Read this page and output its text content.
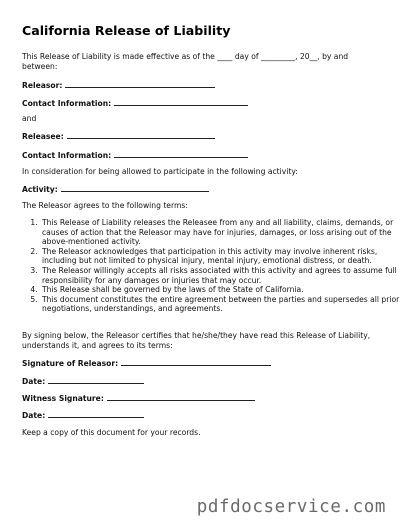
California Release of Liability
This Release of Liability is made effective as of the ____ day of _________, 20__, by and between:
Releasor:
Contact Information:
and
Releasee:
Contact Information:
In consideration for being allowed to participate in the following activity:
Activity:
The Releasor agrees to the following terms:
1. This Release of Liability releases the Releasee from any and all liability, claims, demands, or causes of action that the Releasor may have for injuries, damages, or loss arising out of the above-mentioned activity.
2. The Releasor acknowledges that participation in this activity may involve inherent risks, including but not limited to physical injury, mental injury, emotional distress, or death.
3. The Releasor willingly accepts all risks associated with this activity and agrees to assume full responsibility for any damages or injuries that may occur.
4. This Release shall be governed by the laws of the State of California.
5. This document constitutes the entire agreement between the parties and supersedes all prior negotiations, understandings, and agreements.
By signing below, the Releasor certifies that he/she/they have read this Release of Liability, understands it, and agrees to its terms:
Signature of Releasor:
Date:
Witness Signature:
Date:
Keep a copy of this document for your records.
pdfdocservice.com
